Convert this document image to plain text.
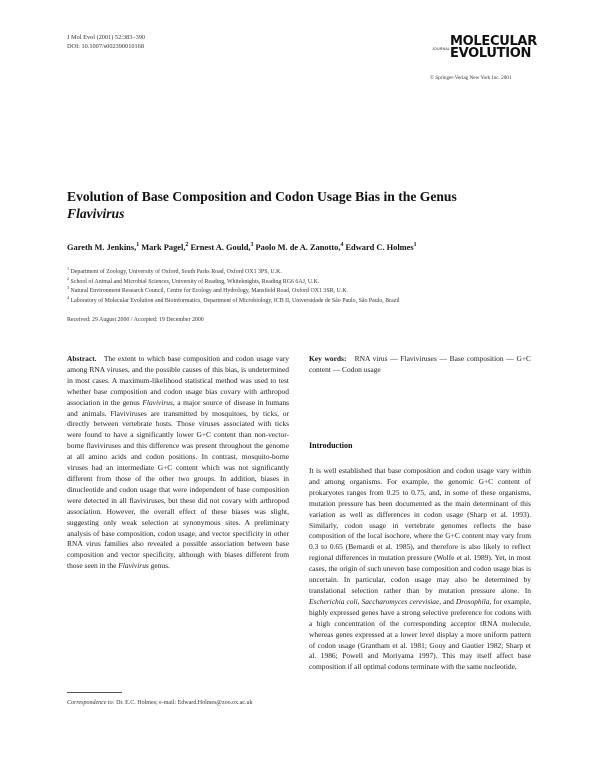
J Mol Evol (2001) 52:383–390
DOI: 10.1007/s002390010168	JOURNAL OF
MOLECULAR
EVOLUTION
© Springer-Verlag New York Inc. 2001
Evolution of Base Composition and Codon Usage Bias in the Genus Flavivirus
Gareth M. Jenkins,$^1$ Mark Pagel,$^2$ Ernest A. Gould,$^3$ Paolo M. de A. Zanotto,$^4$ Edward C. Holmes$^1$
$^1$ Department of Zoology, University of Oxford, South Parks Road, Oxford OX1 3PS, U.K.
$^2$ School of Animal and Microbial Sciences, University of Reading, Whiteknights, Reading RG6 6AJ, U.K.
$^3$ Natural Environment Research Council, Centre for Ecology and Hydrology, Mansfield Road, Oxford OX1 3SR, U.K.
$^4$ Laboratory of Molecular Evolution and Bioinformatics, Department of Microbiology, ICB II, Universidade de São Paulo, São Paulo, Brazil
Received: 29 August 2000 / Accepted: 19 December 2000
Abstract. The extent to which base composition and codon usage vary among RNA viruses, and the possible causes of this bias, is undetermined in most cases. A maximum-likelihood statistical method was used to test whether base composition and codon usage bias covary with arthropod association in the genus Flavivirus, a major source of disease in humans and animals. Flaviviruses are transmitted by mosquitoes, by ticks, or directly between vertebrate hosts. Those viruses associated with ticks were found to have a significantly lower G+C content than non-vector-borne flaviviruses and this difference was present throughout the genome at all amino acids and codon positions. In contrast, mosquito-borne viruses had an intermediate G+C content which was not significantly different from those of the other two groups. In addition, biases in dinucleotide and codon usage that were independent of base composition were detected in all flaviviruses, but these did not covary with arthropod association. However, the overall effect of these biases was slight, suggesting only weak selection at synonymous sites. A preliminary analysis of base composition, codon usage, and vector specificity in other RNA virus families also revealed a possible association between base composition and vector specificity, although with biases different from those seen in the Flavivirus genus.
Key words: RNA virus — Flaviviruses — Base composition — G+C content — Codon usage
Introduction
It is well established that base composition and codon usage vary within and among organisms. For example, the genomic G+C content of prokaryotes ranges from 0.25 to 0.75, and, in some of these organisms, mutation pressure has been documented as the main determinant of this variation as well as differences in codon usage (Sharp et al. 1993). Similarly, codon usage in vertebrate genomes reflects the base composition of the local isochore, where the G+C content may vary from 0.3 to 0.65 (Bernardi et al. 1985), and therefore is also likely to reflect regional differences in mutation pressure (Wolfe et al. 1989). Yet, in most cases, the origin of such uneven base composition and codon usage bias is uncertain. In particular, codon usage may also be determined by translational selection rather than by mutation pressure alone. In Escherichia coli, Saccharomyces cerevisiae, and Drosophila, for example, highly expressed genes have a strong selective preference for codons with a high concentration of the corresponding acceptor tRNA molecule, whereas genes expressed at a lower level display a more uniform pattern of codon usage (Grantham et al. 1981; Gouy and Gautier 1982; Sharp et al. 1986; Powell and Moriyama 1997). This may itself affect base composition if all optimal codons terminate with the same nucleotide,
Correspondence to: Dr. E.C. Holmes; e-mail: Edward.Holmes@zoo.ox.ac.uk
